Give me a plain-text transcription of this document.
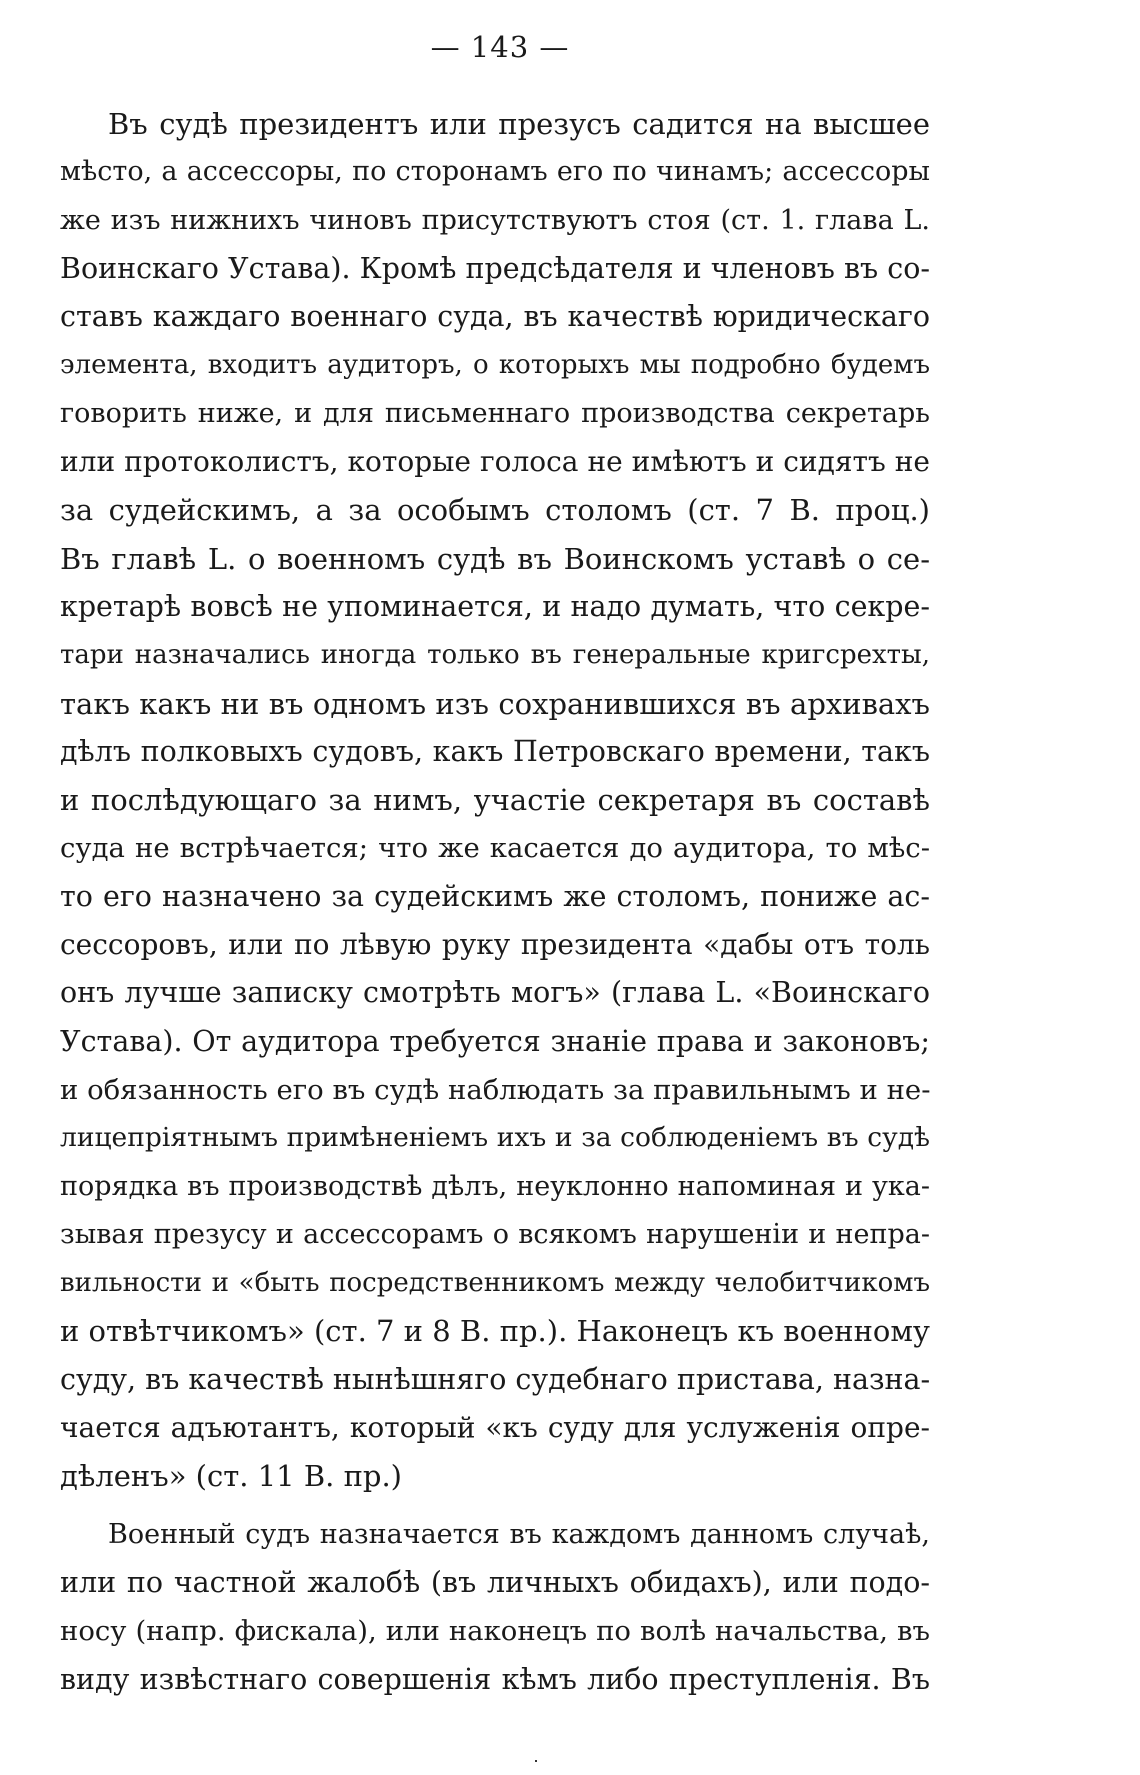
— 143 —
Въ судѣ президентъ или презусъ садится на высшее
мѣсто, а ассессоры, по сторонамъ его по чинамъ; ассессоры
же изъ нижнихъ чиновъ присутствуютъ стоя (ст. 1. глава L.
Воинскаго Устава). Кромѣ предсѣдателя и членовъ въ со-
ставъ каждаго военнаго суда, въ качествѣ юридическаго
элемента, входитъ аудиторъ, о которыхъ мы подробно будемъ
говорить ниже, и для письменнаго производства секретарь
или протоколистъ, которые голоса не имѣютъ и сидятъ не
за судейскимъ, а за особымъ столомъ (ст. 7 В. проц.)
Въ главѣ L. о военномъ судѣ въ Воинскомъ уставѣ о се-
кретарѣ вовсѣ не упоминается, и надо думать, что секре-
тари назначались иногда только въ генеральные кригсрехты,
такъ какъ ни въ одномъ изъ сохранившихся въ архивахъ
дѣлъ полковыхъ судовъ, какъ Петровскаго времени, такъ
и послѣдующаго за нимъ, участіе секретаря въ составѣ
суда не встрѣчается; что же касается до аудитора, то мѣс-
то его назначено за судейскимъ же столомъ, пониже ас-
сессоровъ, или по лѣвую руку президента «дабы отъ толь
онъ лучше записку смотрѣть могъ» (глава L. «Воинскаго
Устава). От аудитора требуется знаніе права и законовъ;
и обязанность его въ судѣ наблюдать за правильнымъ и не-
лицепріятнымъ примѣненіемъ ихъ и за соблюденіемъ въ судѣ
порядка въ производствѣ дѣлъ, неуклонно напоминая и ука-
зывая презусу и ассессорамъ о всякомъ нарушеніи и непра-
вильности и «быть посредственникомъ между челобитчикомъ
и отвѣтчикомъ» (ст. 7 и 8 В. пр.). Наконецъ къ военному
суду, въ качествѣ нынѣшняго судебнаго пристава, назна-
чается адъютантъ, который «къ суду для услуженія опре-
дѣленъ» (ст. 11 В. пр.)
Военный судъ назначается въ каждомъ данномъ случаѣ,
или по частной жалобѣ (въ личныхъ обидахъ), или подо-
носу (напр. фискала), или наконецъ по волѣ начальства, въ
виду извѣстнаго совершенія кѣмъ либо преступленія. Въ
